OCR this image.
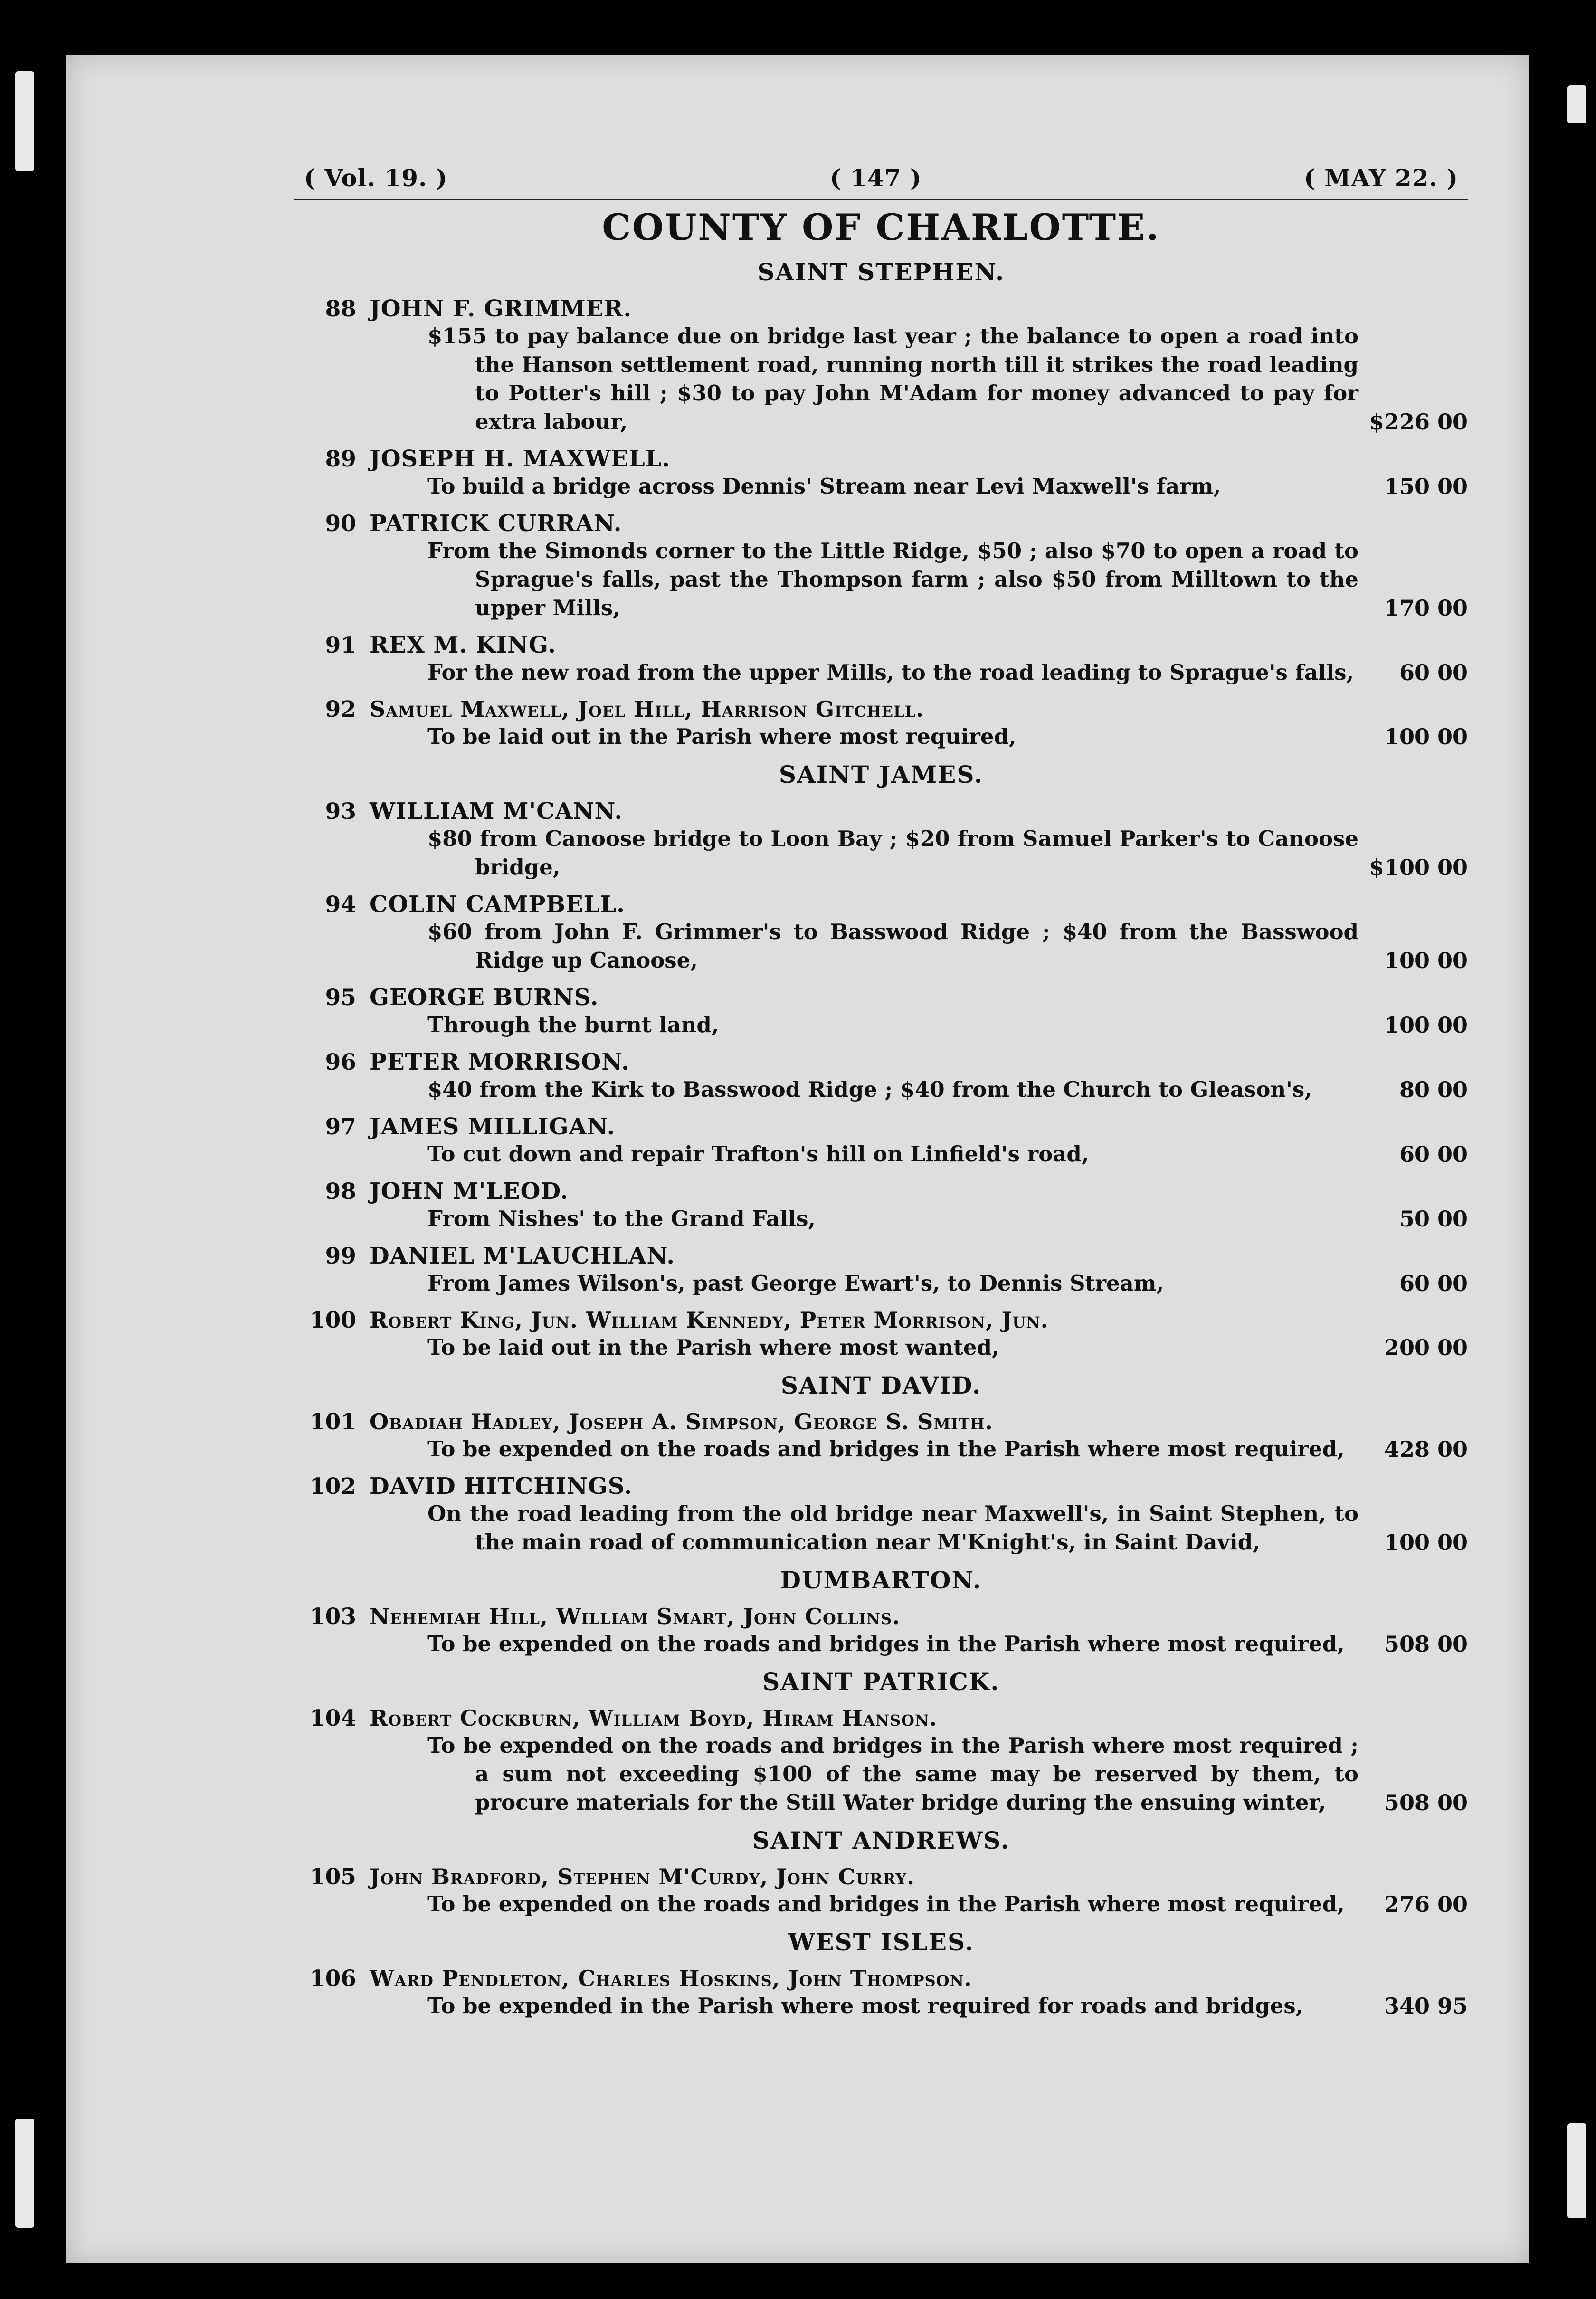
( Vol. 19. )	( 147 )	( MAY 22. )
COUNTY OF CHARLOTTE.
SAINT STEPHEN.
88 JOHN F. GRIMMER.
$155 to pay balance due on bridge last year ; the balance to open a road into the Hanson settlement road, running north till it strikes the road leading to Potter's hill ; $30 to pay John M'Adam for money advanced to pay for extra labour,	$226 00
89 JOSEPH H. MAXWELL.
To build a bridge across Dennis' Stream near Levi Maxwell's farm,	150 00
90 PATRICK CURRAN.
From the Simonds corner to the Little Ridge, $50 ; also $70 to open a road to Sprague's falls, past the Thompson farm ; also $50 from Milltown to the upper Mills,	170 00
91 REX M. KING.
For the new road from the upper Mills, to the road leading to Sprague's falls,	60 00
92 Samuel Maxwell, Joel Hill, Harrison Gitchell.
To be laid out in the Parish where most required,	100 00
SAINT JAMES.
93 WILLIAM M'CANN.
$80 from Canoose bridge to Loon Bay ; $20 from Samuel Parker's to Canoose bridge,	$100 00
94 COLIN CAMPBELL.
$60 from John F. Grimmer's to Basswood Ridge ; $40 from the Basswood Ridge up Canoose,	100 00
95 GEORGE BURNS.
Through the burnt land,	100 00
96 PETER MORRISON.
$40 from the Kirk to Basswood Ridge ; $40 from the Church to Gleason's,	80 00
97 JAMES MILLIGAN.
To cut down and repair Trafton's hill on Linfield's road,	60 00
98 JOHN M'LEOD.
From Nishes' to the Grand Falls,	50 00
99 DANIEL M'LAUCHLAN.
From James Wilson's, past George Ewart's, to Dennis Stream,	60 00
100 Robert King, Jun. William Kennedy, Peter Morrison, Jun.
To be laid out in the Parish where most wanted,	200 00
SAINT DAVID.
101 Obadiah Hadley, Joseph A. Simpson, George S. Smith.
To be expended on the roads and bridges in the Parish where most required,	428 00
102 DAVID HITCHINGS.
On the road leading from the old bridge near Maxwell's, in Saint Stephen, to the main road of communication near M'Knight's, in Saint David,	100 00
DUMBARTON.
103 Nehemiah Hill, William Smart, John Collins.
To be expended on the roads and bridges in the Parish where most required,	508 00
SAINT PATRICK.
104 Robert Cockburn, William Boyd, Hiram Hanson.
To be expended on the roads and bridges in the Parish where most required ; a sum not exceeding $100 of the same may be reserved by them, to procure materials for the Still Water bridge during the ensuing winter,	508 00
SAINT ANDREWS.
105 John Bradford, Stephen M'Curdy, John Curry.
To be expended on the roads and bridges in the Parish where most required,	276 00
WEST ISLES.
106 Ward Pendleton, Charles Hoskins, John Thompson.
To be expended in the Parish where most required for roads and bridges,	340 95
